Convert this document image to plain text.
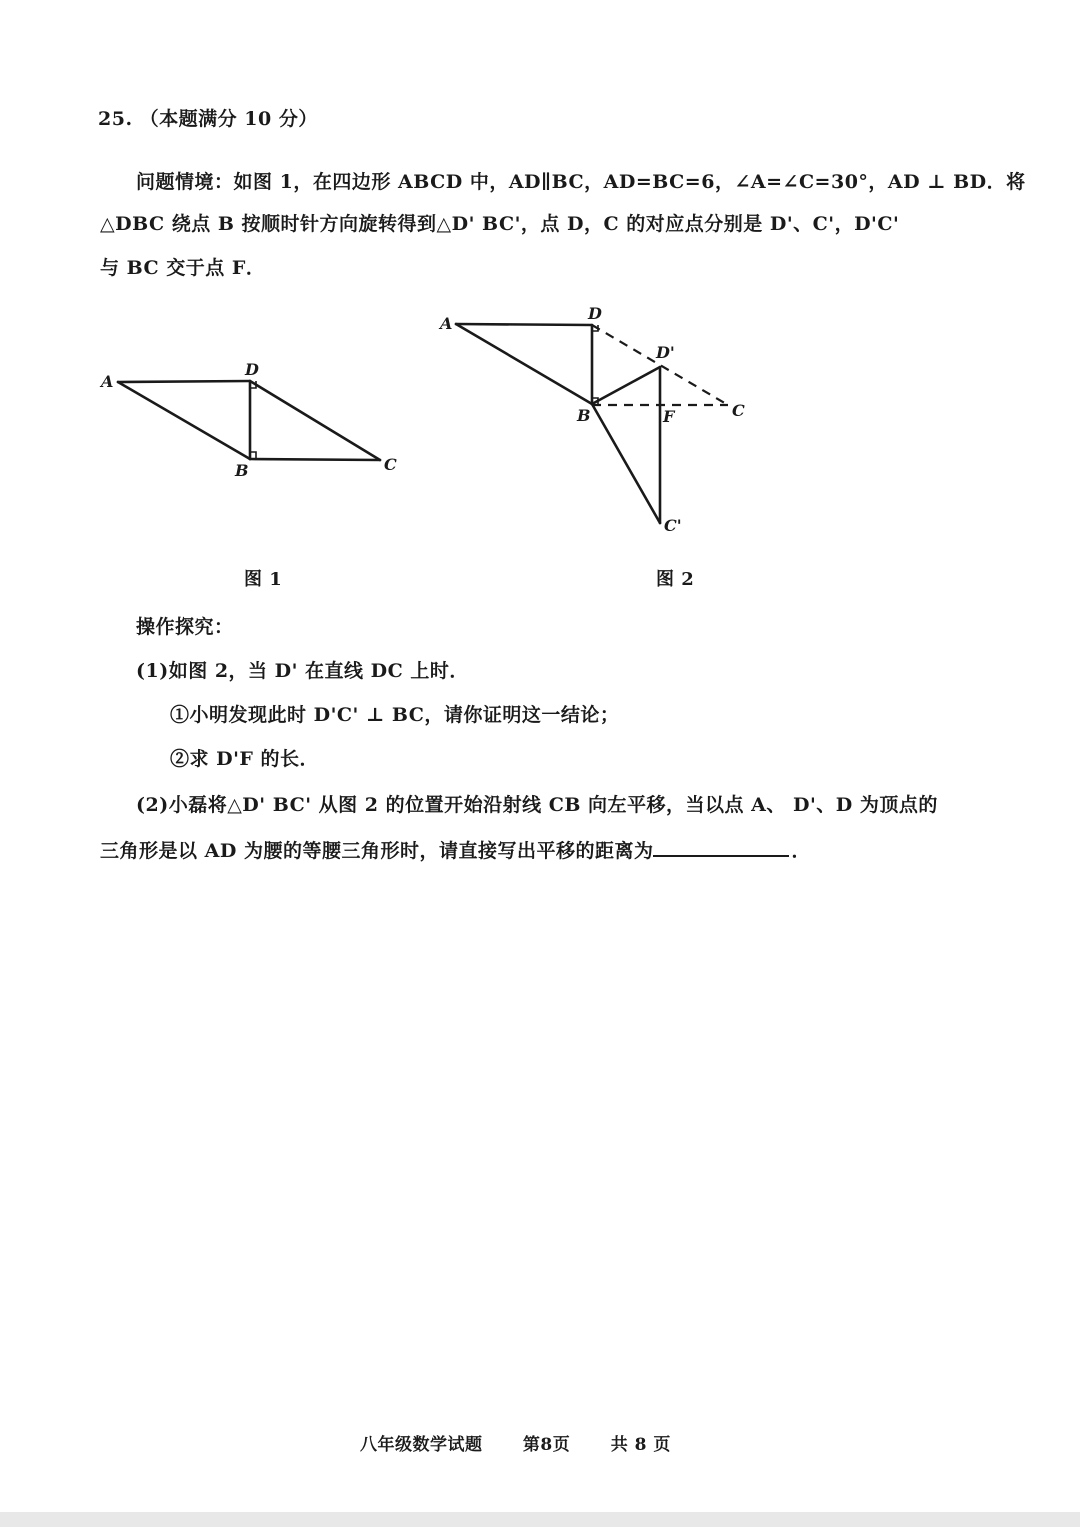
25. （本题满分 10 分）
问题情境：如图 1，在四边形 ABCD 中，AD∥BC，AD=BC=6，∠A=∠C=30°，AD ⊥ BD．将
△DBC 绕点 B 按顺时针方向旋转得到△D' BC'，点 D，C 的对应点分别是 D'、C'，D'C'
与 BC 交于点 F．
A
D
B	C
A
D
D'
B	F	C
C'
图 1	图 2
操作探究：
(1)如图 2，当 D' 在直线 DC 上时．
①小明发现此时 D'C' ⊥ BC，请你证明这一结论；
②求 D'F 的长．
(2)小磊将△D' BC' 从图 2 的位置开始沿射线 CB 向左平移，当以点 A、 D'、D 为顶点的
三角形是以 AD 为腰的等腰三角形时，请直接写出平移的距离为	．
八年级数学试题 第8页 共 8 页
